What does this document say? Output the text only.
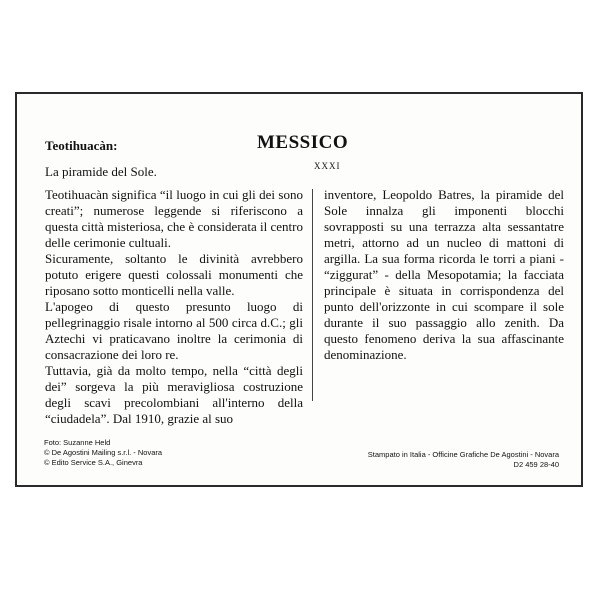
Teotihuacàn:
La piramide del Sole.
MESSICO
XXXI

Teotihuacàn significa “il luogo in cui gli dei sono creati”; numerose leggende si riferiscono a questa città misteriosa, che è considerata il centro delle cerimonie cultuali.

Sicuramente, soltanto le divinità avrebbero potuto erigere questi colossali monumenti che riposano sotto monticelli nella valle.

L'apogeo di questo presunto luogo di pellegrinaggio risale intorno al 500 circa d.C.; gli Aztechi vi praticavano inoltre la cerimonia di consacrazione dei loro re.

Tuttavia, già da molto tempo, nella “città degli dei” sorgeva la più meravigliosa costruzione degli scavi precolombiani all'interno della “ciudadela”. Dal 1910, grazie al suo

inventore, Leopoldo Batres, la piramide del Sole innalza gli imponenti blocchi sovrapposti su una terrazza alta sessantatre metri, attorno ad un nucleo di mattoni di argilla. La sua forma ricorda le torri a piani - “ziggurat” - della Mesopotamia; la facciata principale è situata in corrispondenza del punto dell'orizzonte in cui scompare il sole durante il suo passaggio allo zenith. Da questo fenomeno deriva la sua affascinante denominazione.

Foto: Suzanne Held
© De Agostini Mailing s.r.l. - Novara
© Edito Service S.A., Ginevra
Stampato in Italia - Officine Grafiche De Agostini - Novara
D2 459 28-40
